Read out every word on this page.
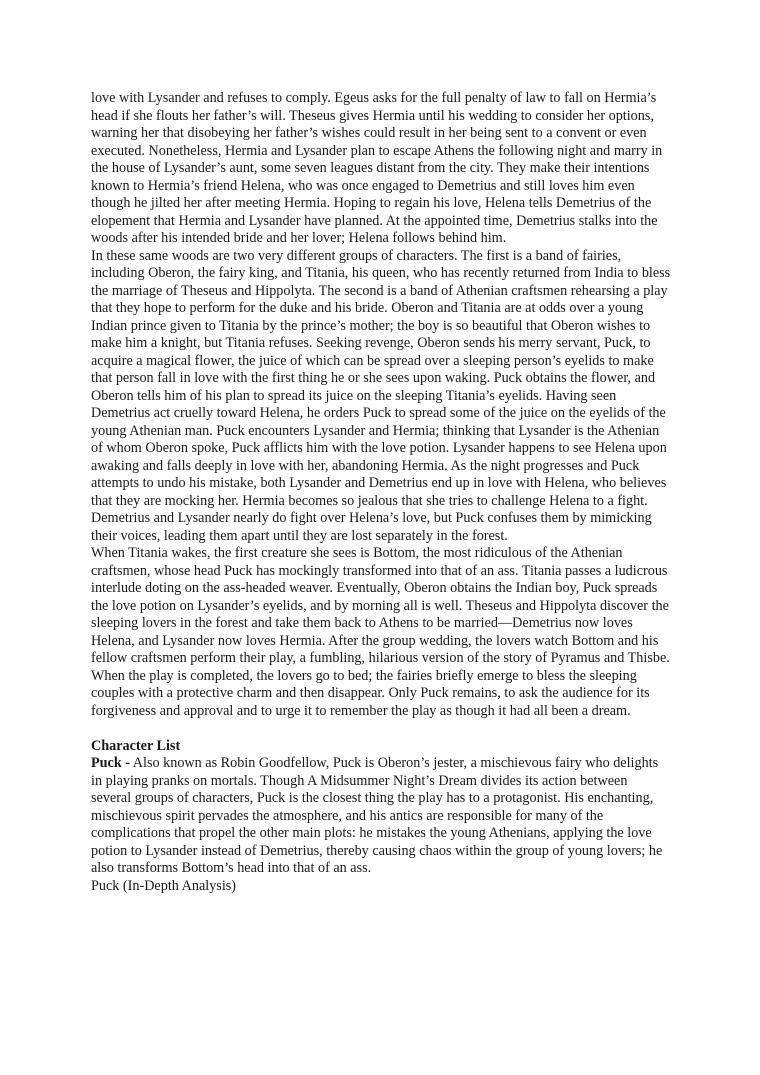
love with Lysander and refuses to comply. Egeus asks for the full penalty of law to fall on Hermia’s head if she flouts her father’s will. Theseus gives Hermia until his wedding to consider her options, warning her that disobeying her father’s wishes could result in her being sent to a convent or even executed. Nonetheless, Hermia and Lysander plan to escape Athens the following night and marry in the house of Lysander’s aunt, some seven leagues distant from the city. They make their intentions known to Hermia’s friend Helena, who was once engaged to Demetrius and still loves him even though he jilted her after meeting Hermia. Hoping to regain his love, Helena tells Demetrius of the elopement that Hermia and Lysander have planned. At the appointed time, Demetrius stalks into the woods after his intended bride and her lover; Helena follows behind him.

In these same woods are two very different groups of characters. The first is a band of fairies, including Oberon, the fairy king, and Titania, his queen, who has recently returned from India to bless the marriage of Theseus and Hippolyta. The second is a band of Athenian craftsmen rehearsing a play that they hope to perform for the duke and his bride. Oberon and Titania are at odds over a young Indian prince given to Titania by the prince’s mother; the boy is so beautiful that Oberon wishes to make him a knight, but Titania refuses. Seeking revenge, Oberon sends his merry servant, Puck, to acquire a magical flower, the juice of which can be spread over a sleeping person’s eyelids to make that person fall in love with the first thing he or she sees upon waking. Puck obtains the flower, and Oberon tells him of his plan to spread its juice on the sleeping Titania’s eyelids. Having seen Demetrius act cruelly toward Helena, he orders Puck to spread some of the juice on the eyelids of the young Athenian man. Puck encounters Lysander and Hermia; thinking that Lysander is the Athenian of whom Oberon spoke, Puck afflicts him with the love potion. Lysander happens to see Helena upon awaking and falls deeply in love with her, abandoning Hermia. As the night progresses and Puck attempts to undo his mistake, both Lysander and Demetrius end up in love with Helena, who believes that they are mocking her. Hermia becomes so jealous that she tries to challenge Helena to a fight. Demetrius and Lysander nearly do fight over Helena’s love, but Puck confuses them by mimicking their voices, leading them apart until they are lost separately in the forest.

When Titania wakes, the first creature she sees is Bottom, the most ridiculous of the Athenian craftsmen, whose head Puck has mockingly transformed into that of an ass. Titania passes a ludicrous interlude doting on the ass-headed weaver. Eventually, Oberon obtains the Indian boy, Puck spreads the love potion on Lysander’s eyelids, and by morning all is well. Theseus and Hippolyta discover the sleeping lovers in the forest and take them back to Athens to be married—Demetrius now loves Helena, and Lysander now loves Hermia. After the group wedding, the lovers watch Bottom and his fellow craftsmen perform their play, a fumbling, hilarious version of the story of Pyramus and Thisbe. When the play is completed, the lovers go to bed; the fairies briefly emerge to bless the sleeping couples with a protective charm and then disappear. Only Puck remains, to ask the audience for its forgiveness and approval and to urge it to remember the play as though it had all been a dream.

Character List

Puck - Also known as Robin Goodfellow, Puck is Oberon’s jester, a mischievous fairy who delights in playing pranks on mortals. Though A Midsummer Night’s Dream divides its action between several groups of characters, Puck is the closest thing the play has to a protagonist. His enchanting, mischievous spirit pervades the atmosphere, and his antics are responsible for many of the complications that propel the other main plots: he mistakes the young Athenians, applying the love potion to Lysander instead of Demetrius, thereby causing chaos within the group of young lovers; he also transforms Bottom’s head into that of an ass.

Puck (In-Depth Analysis)
